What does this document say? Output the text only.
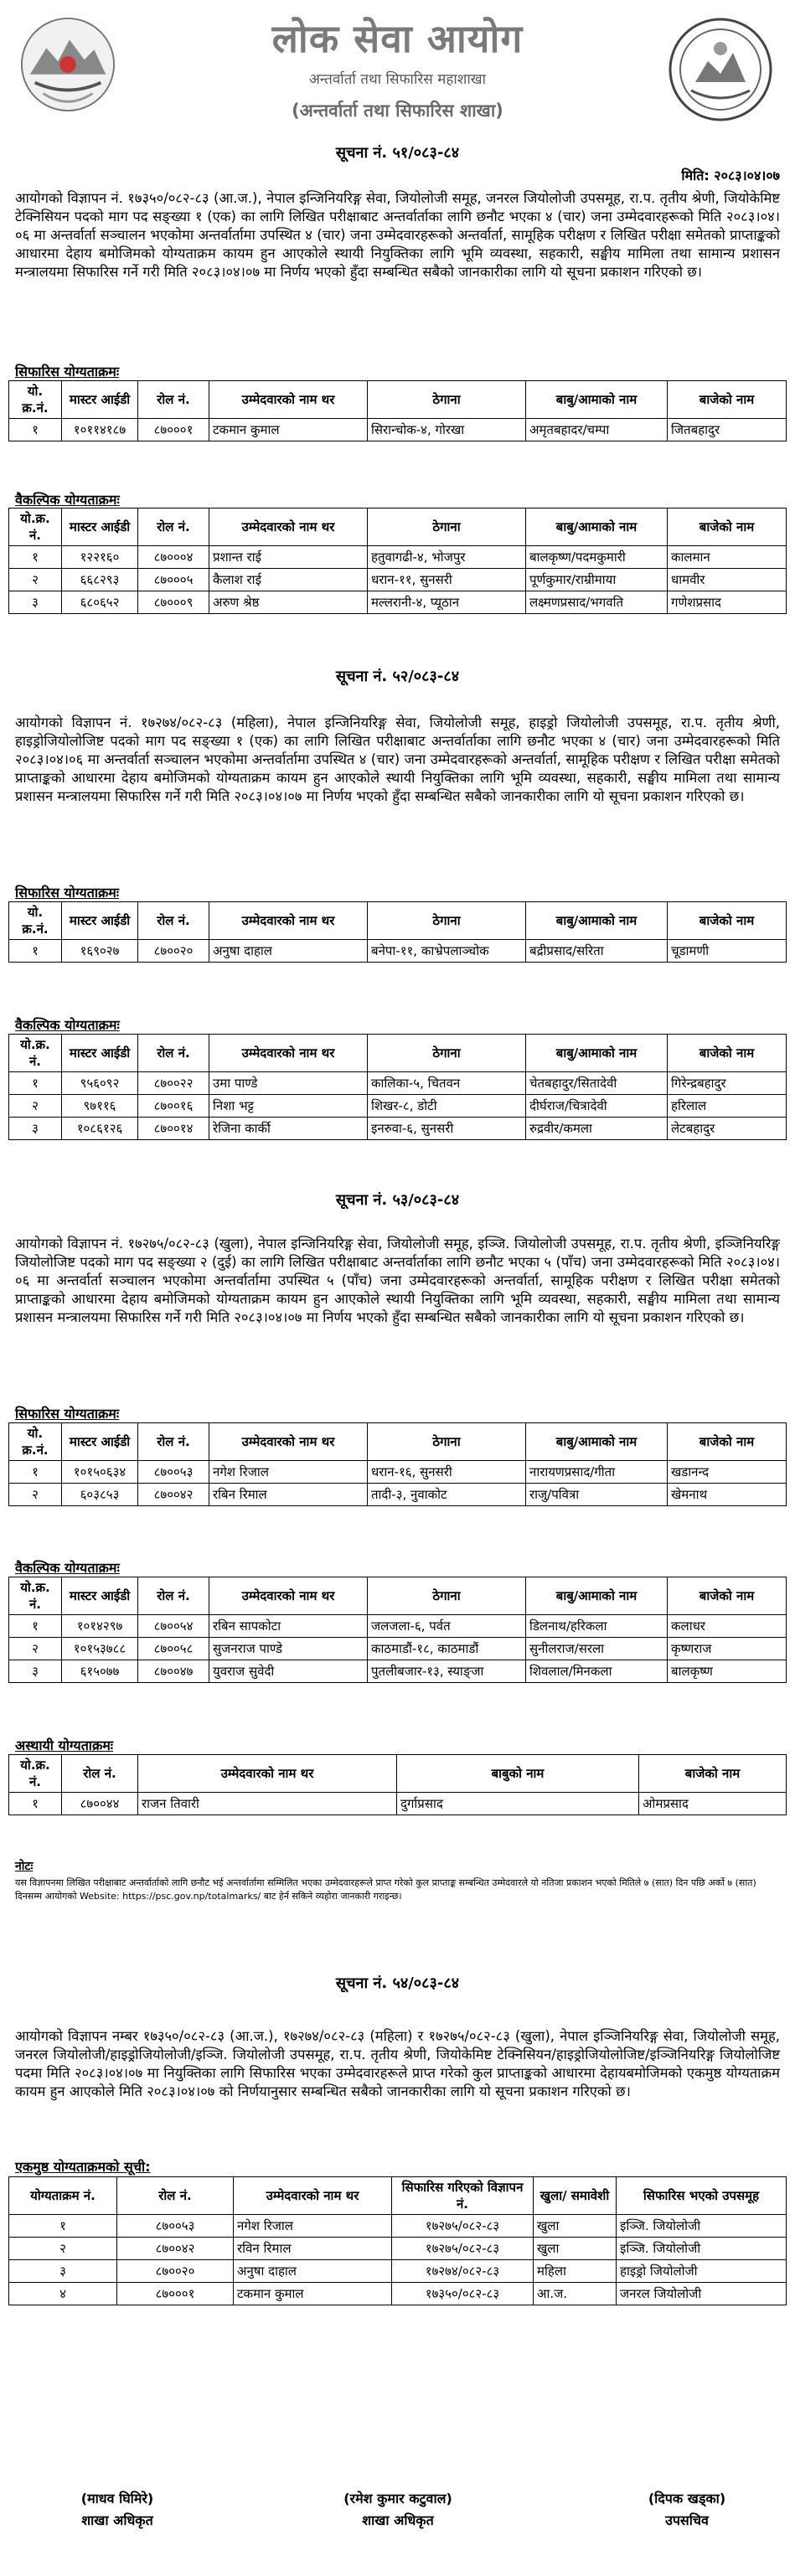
लोक सेवा आयोग
अन्तर्वार्ता तथा सिफारिस महाशाखा
(अन्तर्वार्ता तथा सिफारिस शाखा)
सूचना नं. ५१/०८३-८४
मिति: २०८३।०४।०७
आयोगको विज्ञापन नं. १७३५०/०८२-८३ (आ.ज.), नेपाल इन्जिनियरिङ्ग सेवा, जियोलोजी समूह, जनरल जियोलोजी उपसमूह, रा.प. तृतीय श्रेणी, जियोकेमिष्ट टेक्निसियन पदको माग पद सङ्ख्या १ (एक) का लागि लिखित परीक्षाबाट अन्तर्वार्ताका लागि छनौट भएका ४ (चार) जना उम्मेदवारहरूको मिति २०८३।०४।०६ मा अन्तर्वार्ता सञ्चालन भएकोमा अन्तर्वार्तामा उपस्थित ४ (चार) जना उम्मेदवारहरूको अन्तर्वार्ता, सामूहिक परीक्षण र लिखित परीक्षा समेतको प्राप्ताङ्कको आधारमा देहाय बमोजिमको योग्यताक्रम कायम हुन आएकोले स्थायी नियुक्तिका लागि भूमि व्यवस्था, सहकारी, सङ्घीय मामिला तथा सामान्य प्रशासन मन्त्रालयमा सिफारिस गर्ने गरी मिति २०८३।०४।०७ मा निर्णय भएको हुँदा सम्बन्धित सबैको जानकारीका लागि यो सूचना प्रकाशन गरिएको छ।
सिफारिस योग्यताक्रमः
यो. क्र.नं.	मास्टर आईडी	रोल नं.	उम्मेदवारको नाम थर	ठेगाना	बाबु/आमाको नाम	बाजेको नाम
१	१०११४१८७	८७०००१	टकमान कुमाल	सिरान्चोक-४, गोरखा	अमृतबहादर/चम्पा	जितबहादुर
वैकल्पिक योग्यताक्रमः
यो.क्र. नं.	मास्टर आईडी	रोल नं.	उम्मेदवारको नाम थर	ठेगाना	बाबु/आमाको नाम	बाजेको नाम
१	१२२१६०	८७०००४	प्रशान्त राई	हतुवागढी-४, भोजपुर	बालकृष्ण/पदमकुमारी	कालमान
२	६६८२९३	८७०००५	कैलाश राई	धरान-११, सुनसरी	पूर्णकुमार/राम्रीमाया	धामवीर
३	६८०६५२	८७०००९	अरुण श्रेष्ठ	मल्लरानी-४, प्यूठान	लक्ष्मणप्रसाद/भगवति	गणेशप्रसाद
सूचना नं. ५२/०८३-८४
आयोगको विज्ञापन नं. १७२७४/०८२-८३ (महिला), नेपाल इन्जिनियरिङ्ग सेवा, जियोलोजी समूह, हाइड्रो जियोलोजी उपसमूह, रा.प. तृतीय श्रेणी, हाइड्रोजियोलोजिष्ट पदको माग पद सङ्ख्या १ (एक) का लागि लिखित परीक्षाबाट अन्तर्वार्ताका लागि छनौट भएका ४ (चार) जना उम्मेदवारहरूको मिति २०८३।०४।०६ मा अन्तर्वार्ता सञ्चालन भएकोमा अन्तर्वार्तामा उपस्थित ४ (चार) जना उम्मेदवारहरूको अन्तर्वार्ता, सामूहिक परीक्षण र लिखित परीक्षा समेतको प्राप्ताङ्कको आधारमा देहाय बमोजिमको योग्यताक्रम कायम हुन आएकोले स्थायी नियुक्तिका लागि भूमि व्यवस्था, सहकारी, सङ्घीय मामिला तथा सामान्य प्रशासन मन्त्रालयमा सिफारिस गर्ने गरी मिति २०८३।०४।०७ मा निर्णय भएको हुँदा सम्बन्धित सबैको जानकारीका लागि यो सूचना प्रकाशन गरिएको छ।
सिफारिस योग्यताक्रमः
यो. क्र.नं.	मास्टर आईडी	रोल नं.	उम्मेदवारको नाम थर	ठेगाना	बाबु/आमाको नाम	बाजेको नाम
१	१६९०२७	८७००२०	अनुषा दाहाल	बनेपा-११, काभ्रेपलाञ्चोक	बद्रीप्रसाद/सरिता	चूडामणी
वैकल्पिक योग्यताक्रमः
यो.क्र. नं.	मास्टर आईडी	रोल नं.	उम्मेदवारको नाम थर	ठेगाना	बाबु/आमाको नाम	बाजेको नाम
१	९५६०९२	८७००२२	उमा पाण्डे	कालिका-५, चितवन	चेतबहादुर/सितादेवी	गिरेन्द्रबहादुर
२	९७११६	८७००१६	निशा भट्ट	शिखर-८, डोटी	दीर्घराज/चित्रादेवी	हरिलाल
३	१०८६१२६	८७००१४	रेजिना कार्की	इनरुवा-६, सुनसरी	रुद्रवीर/कमला	लेटबहादुर
सूचना नं. ५३/०८३-८४
आयोगको विज्ञापन नं. १७२७५/०८२-८३ (खुला), नेपाल इन्जिनियरिङ्ग सेवा, जियोलोजी समूह, इञ्जि. जियोलोजी उपसमूह, रा.प. तृतीय श्रेणी, इञ्जिनियरिङ्ग जियोलोजिष्ट पदको माग पद सङ्ख्या २ (दुई) का लागि लिखित परीक्षाबाट अन्तर्वार्ताका लागि छनौट भएका ५ (पाँच) जना उम्मेदवारहरूको मिति २०८३।०४।०६ मा अन्तर्वार्ता सञ्चालन भएकोमा अन्तर्वार्तामा उपस्थित ५ (पाँच) जना उम्मेदवारहरूको अन्तर्वार्ता, सामूहिक परीक्षण र लिखित परीक्षा समेतको प्राप्ताङ्कको आधारमा देहाय बमोजिमको योग्यताक्रम कायम हुन आएकोले स्थायी नियुक्तिका लागि भूमि व्यवस्था, सहकारी, सङ्घीय मामिला तथा सामान्य प्रशासन मन्त्रालयमा सिफारिस गर्ने गरी मिति २०८३।०४।०७ मा निर्णय भएको हुँदा सम्बन्धित सबैको जानकारीका लागि यो सूचना प्रकाशन गरिएको छ।
सिफारिस योग्यताक्रमः
यो. क्र.नं.	मास्टर आईडी	रोल नं.	उम्मेदवारको नाम थर	ठेगाना	बाबु/आमाको नाम	बाजेको नाम
१	१०१५०६३४	८७००५३	नगेश रिजाल	धरान-१६, सुनसरी	नारायणप्रसाद/गीता	खडानन्द
२	६०३८५३	८७००४२	रबिन रिमाल	तादी-३, नुवाकोट	राजु/पवित्रा	खेमनाथ
वैकल्पिक योग्यताक्रमः
यो.क्र. नं.	मास्टर आईडी	रोल नं.	उम्मेदवारको नाम थर	ठेगाना	बाबु/आमाको नाम	बाजेको नाम
१	१०१४२९७	८७००५४	रबिन सापकोटा	जलजला-६, पर्वत	डिलनाथ/हरिकला	कलाधर
२	१०१५३७८८	८७००५८	सुजनराज पाण्डे	काठमाडौं-१८, काठमाडौं	सुनीलराज/सरला	कृष्णराज
३	६१५०७७	८७००४७	युवराज सुवेदी	पुतलीबजार-१३, स्याङ्जा	शिवलाल/मिनकला	बालकृष्ण
अस्थायी योग्यताक्रमः
यो.क्र. नं.	रोल नं.	उम्मेदवारको नाम थर	बाबुको नाम	बाजेको नाम
१	८७००४४	राजन तिवारी	दुर्गाप्रसाद	ओमप्रसाद
नोटः
यस विज्ञापनमा लिखित परीक्षाबाट अन्तर्वार्ताको लागि छनौट भई अन्तर्वार्तामा सम्मिलित भएका उम्मेदवारहरूले प्राप्त गरेको कुल प्राप्ताङ्क सम्बन्धित उम्मेदवारले यो नतिजा प्रकाशन भएको मितिले ७ (सात) दिन पछि अर्को ७ (सात) दिनसम्म आयोगको Website: https://psc.gov.np/totalmarks/ बाट हेर्न सकिने व्यहोरा जानकारी गराइन्छ।
सूचना नं. ५४/०८३-८४
आयोगको विज्ञापन नम्बर १७३५०/०८२-८३ (आ.ज.), १७२७४/०८२-८३ (महिला) र १७२७५/०८२-८३ (खुला), नेपाल इञ्जिनियरिङ्ग सेवा, जियोलोजी समूह, जनरल जियोलोजी/हाइड्रोजियोलोजी/इञ्जि. जियोलोजी उपसमूह, रा.प. तृतीय श्रेणी, जियोकेमिष्ट टेक्निसियन/हाइड्रोजियोलोजिष्ट/इञ्जिनियरिङ्ग जियोलोजिष्ट पदमा मिति २०८३।०४।०७ मा नियुक्तिका लागि सिफारिस भएका उम्मेदवारहरूले प्राप्त गरेको कुल प्राप्ताङ्कको आधारमा देहायबमोजिमको एकमुष्ठ योग्यताक्रम कायम हुन आएकोले मिति २०८३।०४।०७ को निर्णयानुसार सम्बन्धित सबैको जानकारीका लागि यो सूचना प्रकाशन गरिएको छ।
एकमुष्ठ योग्यताक्रमको सूची:
योग्यताक्रम नं.	रोल नं.	उम्मेदवारको नाम थर	सिफारिस गरिएको विज्ञापन नं.	खुला/ समावेशी	सिफारिस भएको उपसमूह
१	८७००५३	नगेश रिजाल	१७२७५/०८२-८३	खुला	इञ्जि. जियोलोजी
२	८७००४२	रविन रिमाल	१७२७५/०८२-८३	खुला	इञ्जि. जियोलोजी
३	८७००२०	अनुषा दाहाल	१७२७४/०८२-८३	महिला	हाइड्रो जियोलोजी
४	८७०००१	टकमान कुमाल	१७३५०/०८२-८३	आ.ज.	जनरल जियोलोजी
(माधव घिमिरे)
शाखा अधिकृत
(रमेश कुमार कटुवाल)
शाखा अधिकृत
(दिपक खड्का)
उपसचिव
